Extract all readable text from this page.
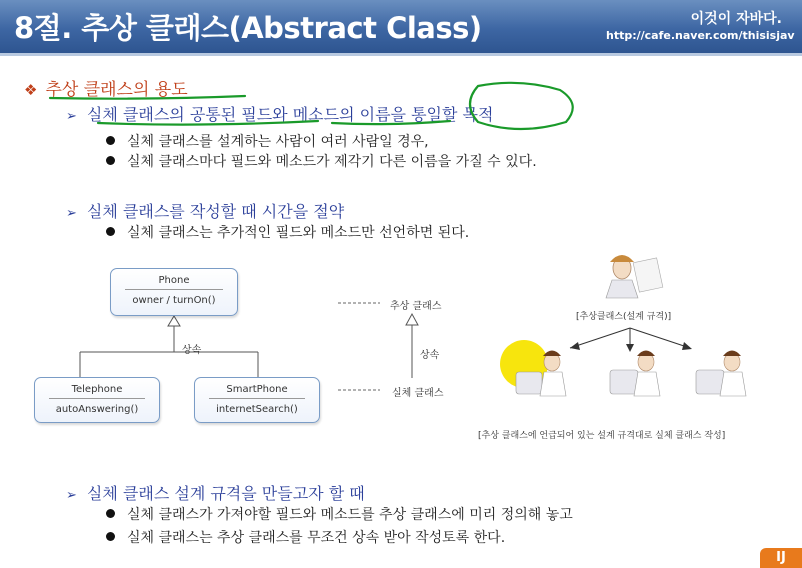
8절. 추상 클래스(Abstract Class)	이것이 자바다.
http://cafe.naver.com/thisisjav
❖ 추상 클래스의 용도
➢ 실체 클래스의 공통된 필드와 메소드의 이름을 통일할 목적
실체 클래스를 설계하는 사람이 여러 사람일 경우,
실체 클래스마다 필드와 메소드가 제각기 다른 이름을 가질 수 있다.
➢ 실체 클래스를 작성할 때 시간을 절약
실체 클래스는 추가적인 필드와 메소드만 선언하면 된다.
Phone
owner / turnOn()
상속
Telephone
autoAnswering()
SmartPhone
internetSearch()
추상 클래스
상속
실체 클래스
[추상클래스(설계 규격)]
[추상 클래스에 언급되어 있는 설계 규격대로 실체 클래스 작성]
➢ 실체 클래스 설계 규격을 만들고자 할 때
실체 클래스가 가져야할 필드와 메소드를 추상 클래스에 미리 정의해 놓고
실체 클래스는 추상 클래스를 무조건 상속 받아 작성토록 한다.
IJ
